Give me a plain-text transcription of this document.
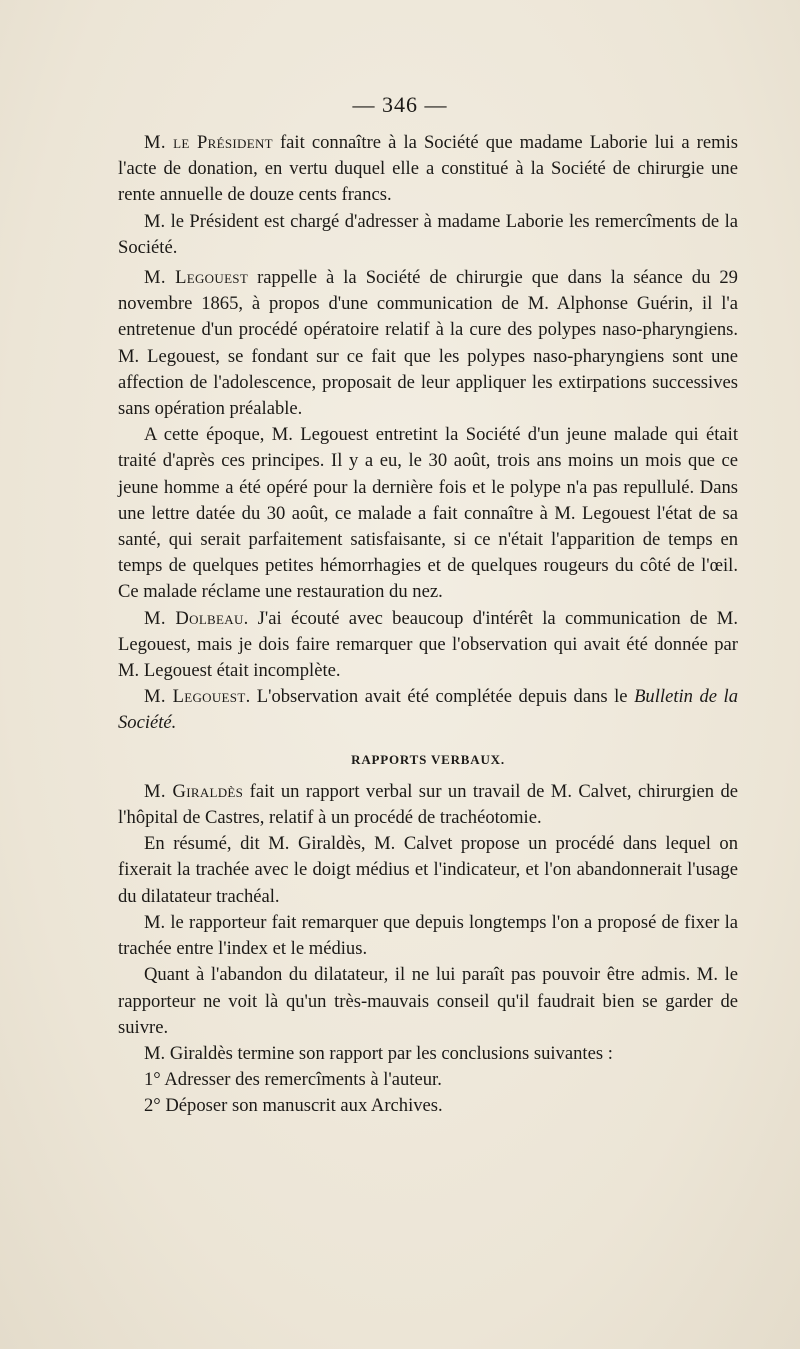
— 346 —

M. le Président fait connaître à la Société que madame Laborie lui a remis l'acte de donation, en vertu duquel elle a constitué à la Société de chirurgie une rente annuelle de douze cents francs.

M. le Président est chargé d'adresser à madame Laborie les remercîments de la Société.

M. Legouest rappelle à la Société de chirurgie que dans la séance du 29 novembre 1865, à propos d'une communication de M. Alphonse Guérin, il l'a entretenue d'un procédé opératoire relatif à la cure des polypes naso-pharyngiens. M. Legouest, se fondant sur ce fait que les polypes naso-pharyngiens sont une affection de l'adolescence, proposait de leur appliquer les extirpations successives sans opération préalable.

A cette époque, M. Legouest entretint la Société d'un jeune malade qui était traité d'après ces principes. Il y a eu, le 30 août, trois ans moins un mois que ce jeune homme a été opéré pour la dernière fois et le polype n'a pas repullulé. Dans une lettre datée du 30 août, ce malade a fait connaître à M. Legouest l'état de sa santé, qui serait parfaitement satisfaisante, si ce n'était l'apparition de temps en temps de quelques petites hémorrhagies et de quelques rougeurs du côté de l'œil. Ce malade réclame une restauration du nez.

M. Dolbeau. J'ai écouté avec beaucoup d'intérêt la communication de M. Legouest, mais je dois faire remarquer que l'observation qui avait été donnée par M. Legouest était incomplète.

M. Legouest. L'observation avait été complétée depuis dans le Bulletin de la Société.

RAPPORTS VERBAUX.

M. Giraldès fait un rapport verbal sur un travail de M. Calvet, chirurgien de l'hôpital de Castres, relatif à un procédé de trachéotomie.

En résumé, dit M. Giraldès, M. Calvet propose un procédé dans lequel on fixerait la trachée avec le doigt médius et l'indicateur, et l'on abandonnerait l'usage du dilatateur trachéal.

M. le rapporteur fait remarquer que depuis longtemps l'on a proposé de fixer la trachée entre l'index et le médius.

Quant à l'abandon du dilatateur, il ne lui paraît pas pouvoir être admis. M. le rapporteur ne voit là qu'un très-mauvais conseil qu'il faudrait bien se garder de suivre.

M. Giraldès termine son rapport par les conclusions suivantes :

1° Adresser des remercîments à l'auteur.

2° Déposer son manuscrit aux Archives.
